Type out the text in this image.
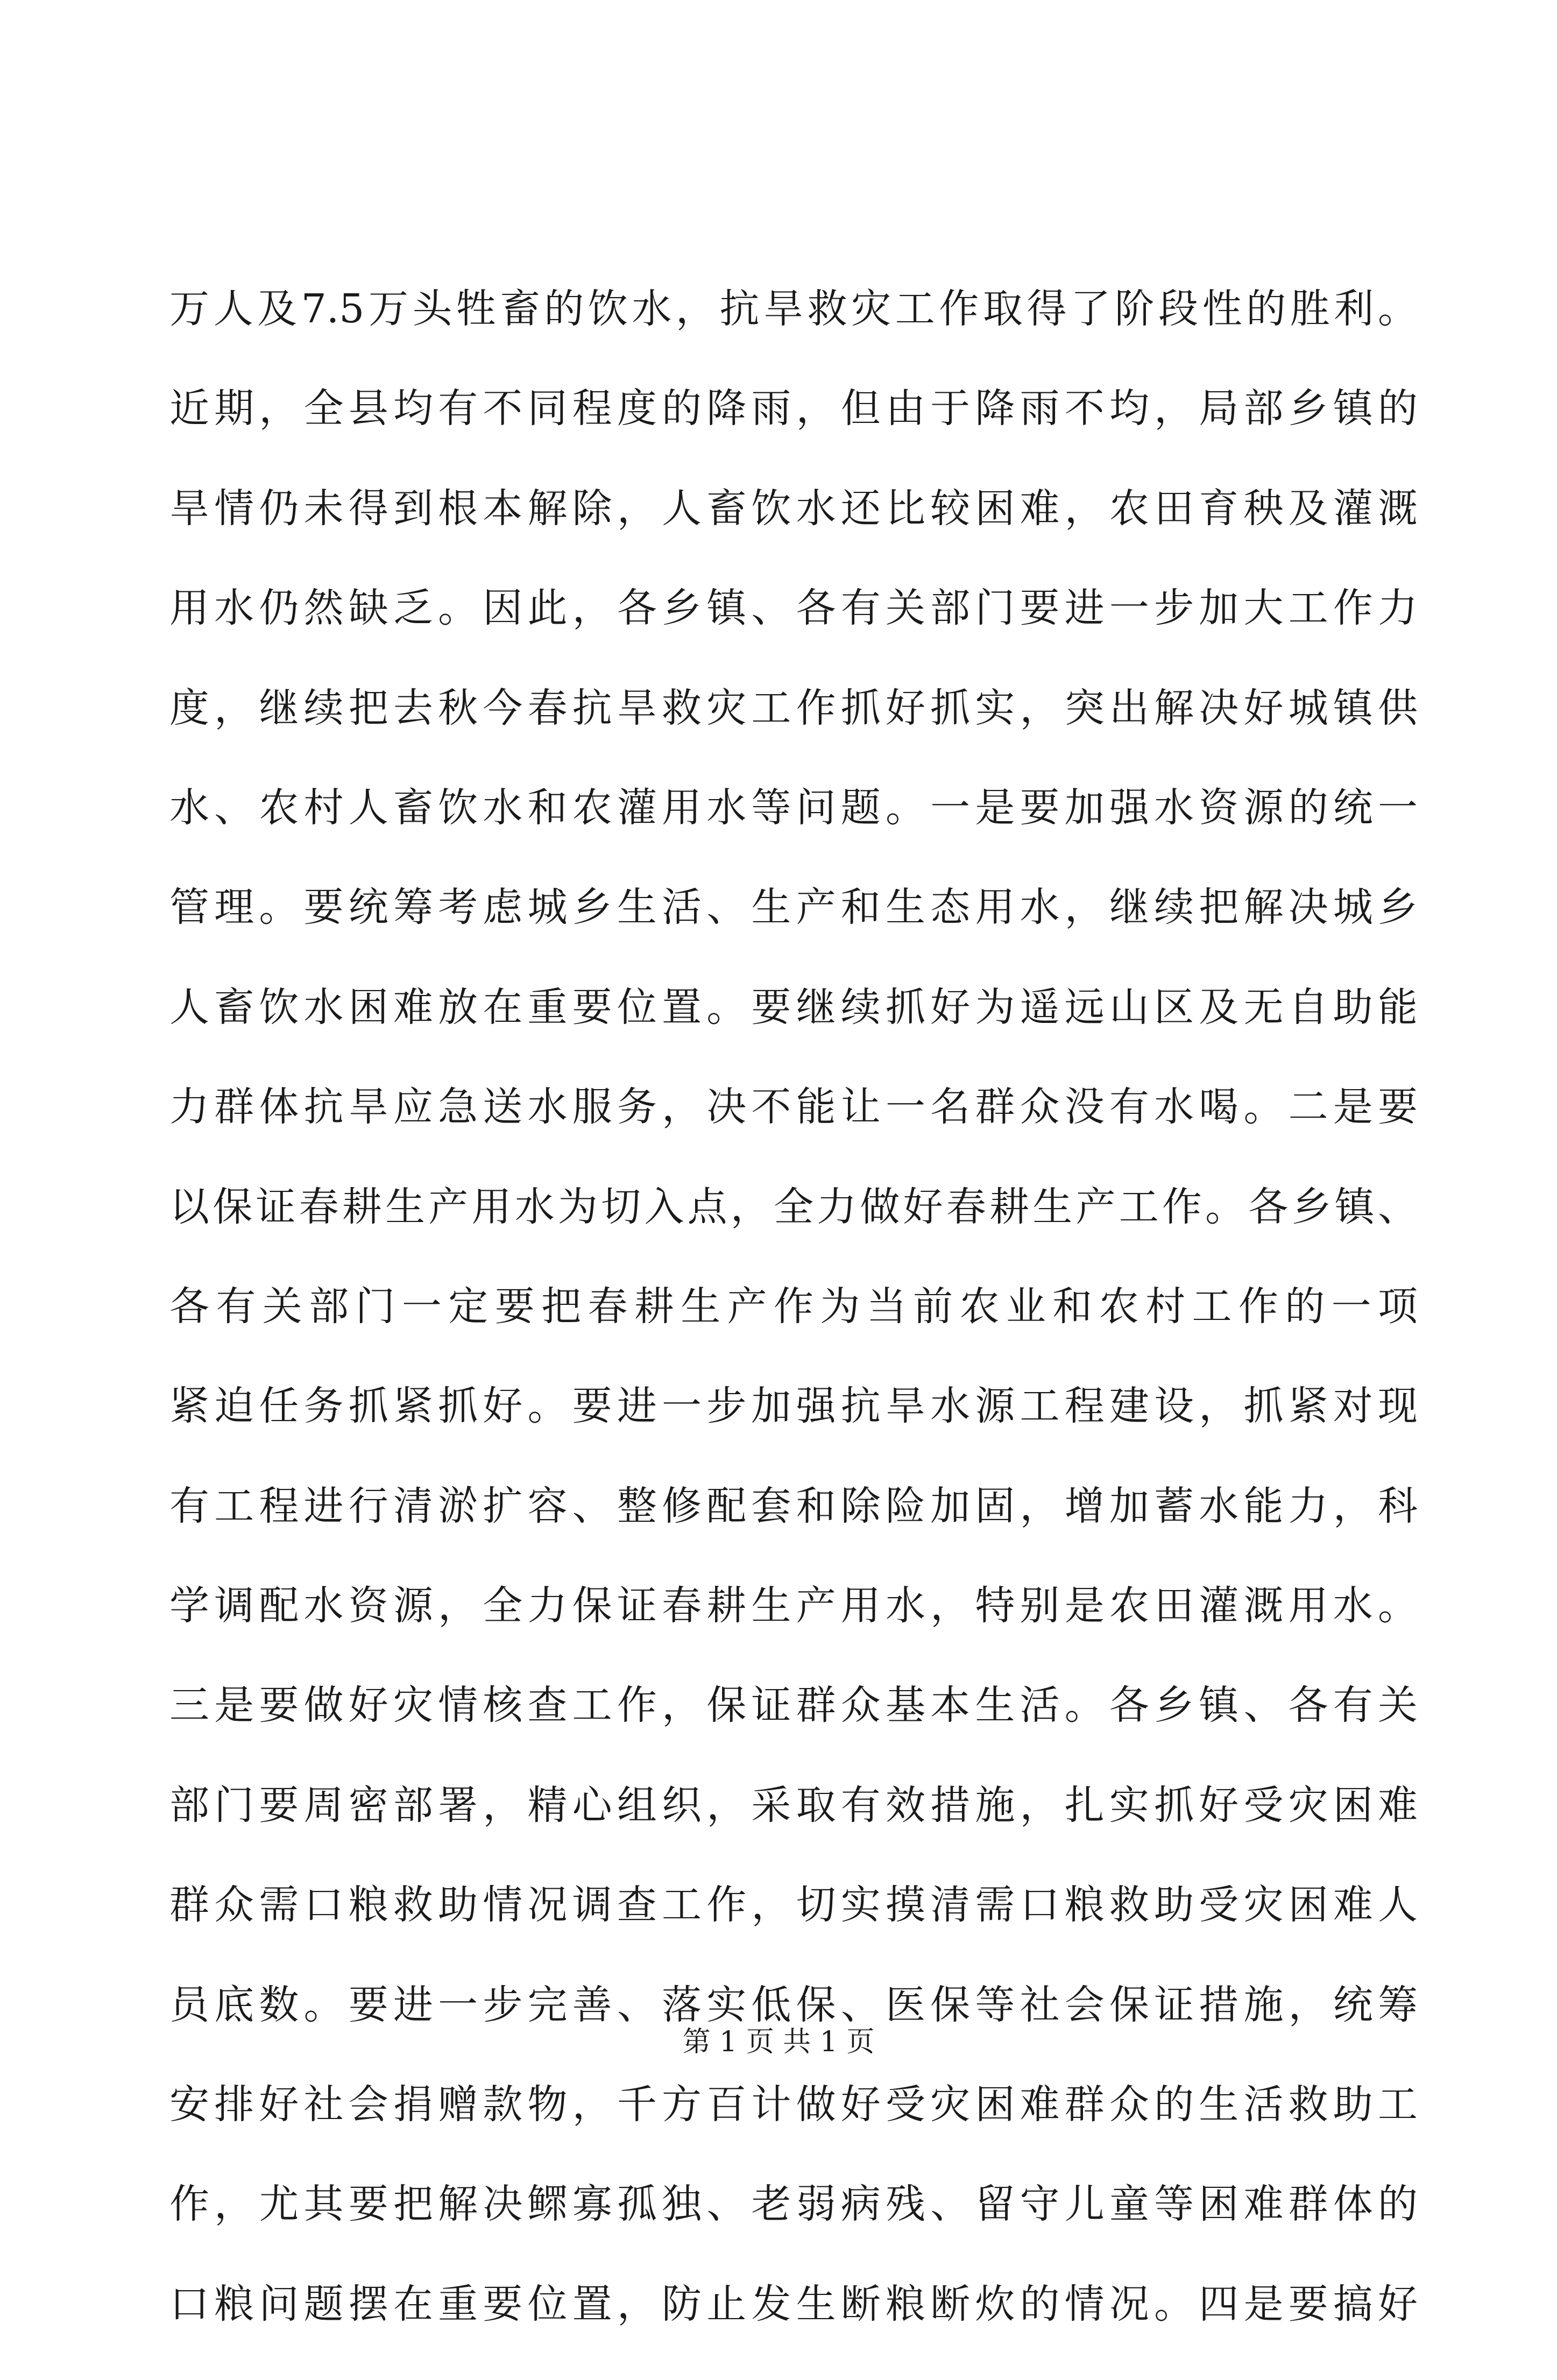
万人及7.5万头牲畜的饮水，抗旱救灾工作取得了阶段性的胜利。
近期，全县均有不同程度的降雨，但由于降雨不均，局部乡镇的
旱情仍未得到根本解除，人畜饮水还比较困难，农田育秧及灌溉
用水仍然缺乏。因此，各乡镇、各有关部门要进一步加大工作力
度，继续把去秋今春抗旱救灾工作抓好抓实，突出解决好城镇供
水、农村人畜饮水和农灌用水等问题。一是要加强水资源的统一
管理。要统筹考虑城乡生活、生产和生态用水，继续把解决城乡
人畜饮水困难放在重要位置。要继续抓好为遥远山区及无自助能
力群体抗旱应急送水服务，决不能让一名群众没有水喝。二是要
以保证春耕生产用水为切入点，全力做好春耕生产工作。各乡镇、
各有关部门一定要把春耕生产作为当前农业和农村工作的一项
紧迫任务抓紧抓好。要进一步加强抗旱水源工程建设，抓紧对现
有工程进行清淤扩容、整修配套和除险加固，增加蓄水能力，科
学调配水资源，全力保证春耕生产用水，特别是农田灌溉用水。
三是要做好灾情核查工作，保证群众基本生活。各乡镇、各有关
部门要周密部署，精心组织，采取有效措施，扎实抓好受灾困难
群众需口粮救助情况调查工作，切实摸清需口粮救助受灾困难人
员底数。要进一步完善、落实低保、医保等社会保证措施，统筹
安排好社会捐赠款物，千方百计做好受灾困难群众的生活救助工
作，尤其要把解决鳏寡孤独、老弱病残、留守儿童等困难群体的
口粮问题摆在重要位置，防止发生断粮断炊的情况。四是要搞好
第 1 页 共 1 页
